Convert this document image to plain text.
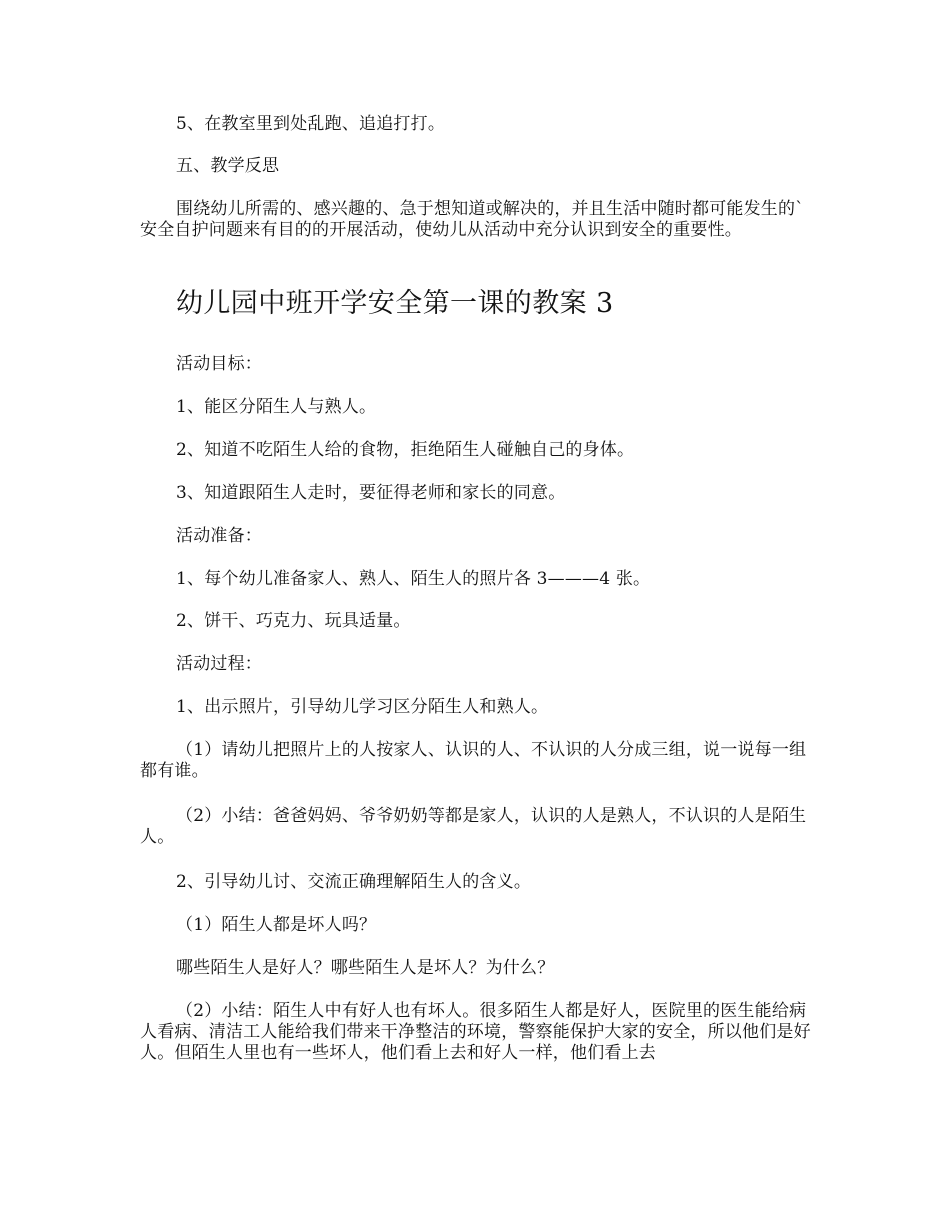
5、在教室里到处乱跑、追追打打。

五、教学反思

围绕幼儿所需的、感兴趣的、急于想知道或解决的，并且生活中随时都可能发生的`安全自护问题来有目的的开展活动，使幼儿从活动中充分认识到安全的重要性。

幼儿园中班开学安全第一课的教案 3

活动目标：

1、能区分陌生人与熟人。

2、知道不吃陌生人给的食物，拒绝陌生人碰触自己的身体。

3、知道跟陌生人走时，要征得老师和家长的同意。

活动准备：

1、每个幼儿准备家人、熟人、陌生人的照片各 3———4 张。

2、饼干、巧克力、玩具适量。

活动过程：

1、出示照片，引导幼儿学习区分陌生人和熟人。

（1）请幼儿把照片上的人按家人、认识的人、不认识的人分成三组，说一说每一组都有谁。

（2）小结：爸爸妈妈、爷爷奶奶等都是家人，认识的人是熟人，不认识的人是陌生人。

2、引导幼儿讨、交流正确理解陌生人的含义。

（1）陌生人都是坏人吗？

哪些陌生人是好人？哪些陌生人是坏人？为什么？

（2）小结：陌生人中有好人也有坏人。很多陌生人都是好人，医院里的医生能给病人看病、清洁工人能给我们带来干净整洁的环境，警察能保护大家的安全，所以他们是好人。但陌生人里也有一些坏人，他们看上去和好人一样，他们看上去
